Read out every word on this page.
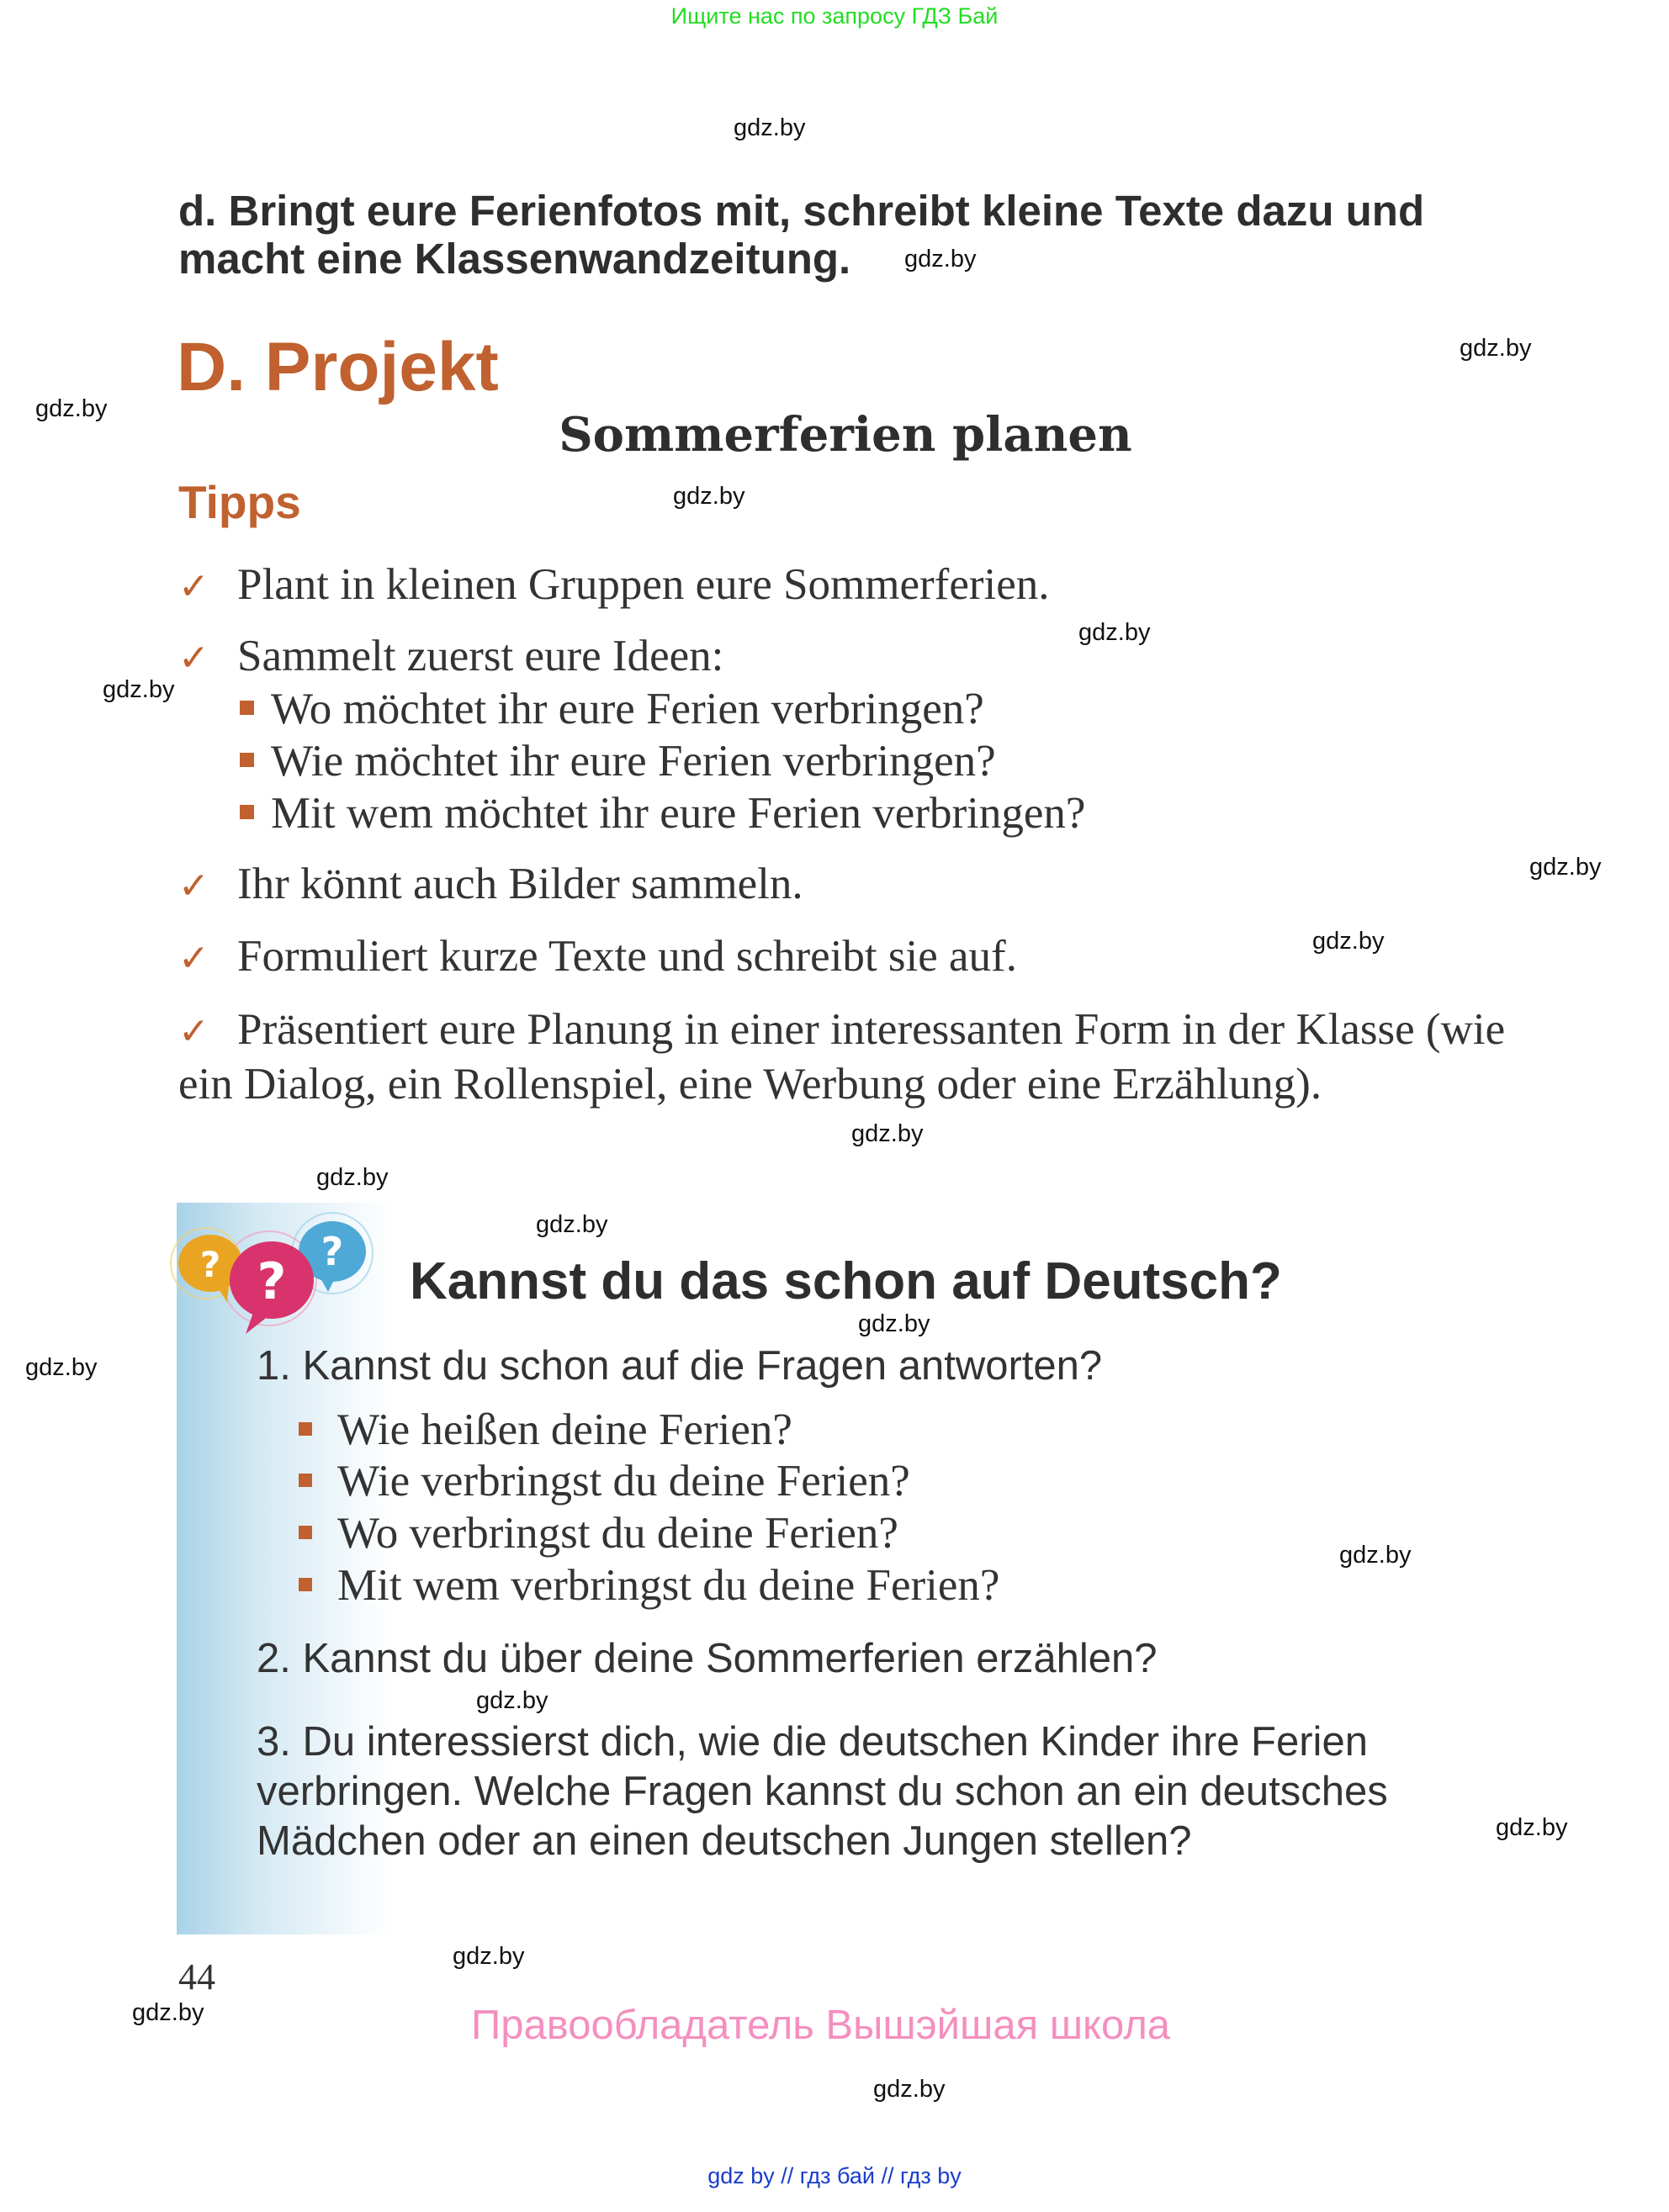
Ищите нас по запросу ГДЗ Бай
gdz.by
gdz.by
gdz.by
gdz.by
gdz.by
gdz.by
gdz.by
gdz.by
gdz.by
gdz.by
gdz.by
gdz.by
gdz.by
gdz.by
gdz.by
gdz.by
gdz.by
gdz.by
gdz.by
gdz.by
d. Bringt eure Ferienfotos mit, schreibt kleine Texte dazu und macht eine Klassenwandzeitung.
D. Projekt
Sommerferien planen
Tipps
✓ Plant in kleinen Gruppen eure Sommerferien.
✓ Sammelt zuerst eure Ideen:
Wo möchtet ihr eure Ferien verbringen?
Wie möchtet ihr eure Ferien verbringen?
Mit wem möchtet ihr eure Ferien verbringen?
✓ Ihr könnt auch Bilder sammeln.
✓ Formuliert kurze Texte und schreibt sie auf.
✓ Präsentiert eure Planung in einer interessanten Form in der Klasse (wie ein Dialog, ein Rollenspiel, eine Werbung oder eine Erzählung).
?
? ? Kannst du das schon auf Deutsch?
1. Kannst du schon auf die Fragen antworten?
Wie heißen deine Ferien?
Wie verbringst du deine Ferien?
Wo verbringst du deine Ferien?
Mit wem verbringst du deine Ferien?
2. Kannst du über deine Sommerferien erzählen?
3. Du interessierst dich, wie die deutschen Kinder ihre Ferien verbringen. Welche Fragen kannst du schon an ein deutsches Mädchen oder an einen deutschen Jungen stellen?
44
Правообладатель Вышэйшая школа
gdz by // гдз бай // гдз by
